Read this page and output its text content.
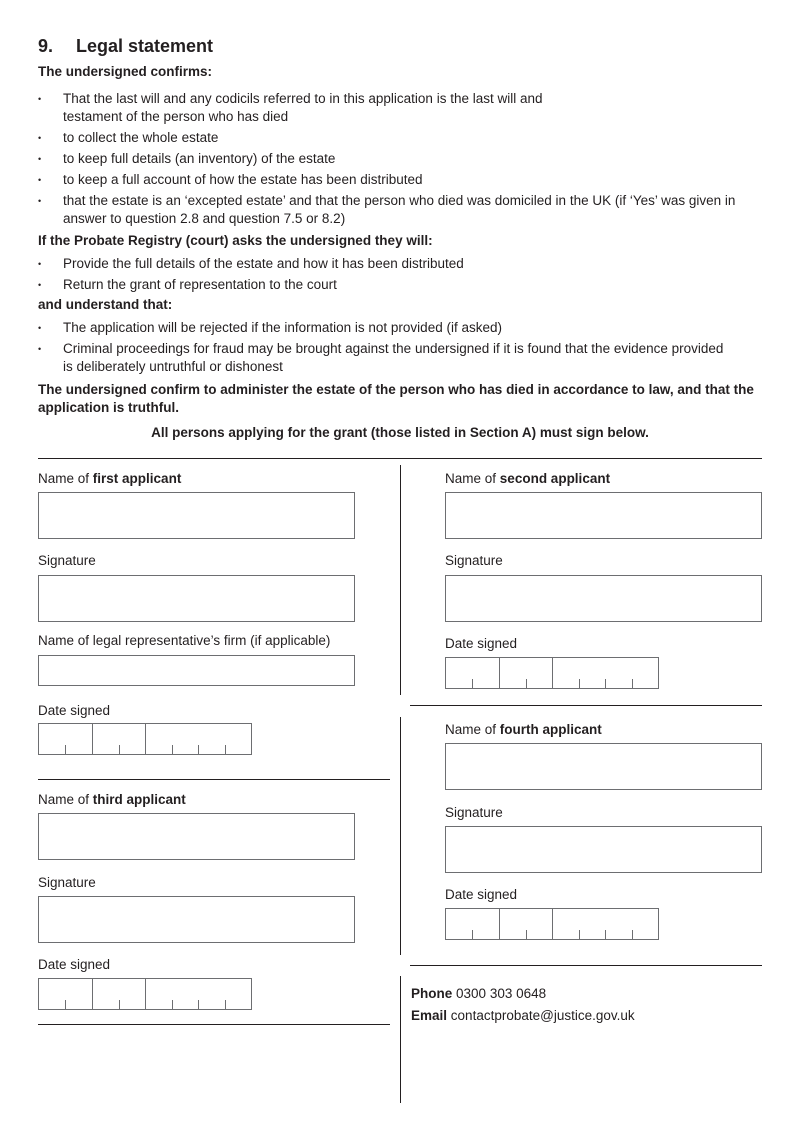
9. Legal statement
The undersigned confirms:
• That the last will and any codicils referred to in this application is the last will and
testament of the person who has died
• to collect the whole estate
• to keep full details (an inventory) of the estate
• to keep a full account of how the estate has been distributed
• that the estate is an ‘excepted estate’ and that the person who died was domiciled in the UK (if ‘Yes’ was given in
answer to question 2.8 and question 7.5 or 8.2)
If the Probate Registry (court) asks the undersigned they will:
• Provide the full details of the estate and how it has been distributed
• Return the grant of representation to the court
and understand that:
• The application will be rejected if the information is not provided (if asked)
• Criminal proceedings for fraud may be brought against the undersigned if it is found that the evidence provided
is deliberately untruthful or dishonest
The undersigned confirm to administer the estate of the person who has died in accordance to law, and that the application is truthful.
All persons applying for the grant (those listed in Section A) must sign below.
Name of first applicant
Signature
Name of legal representative’s firm (if applicable)
Date signed
Name of second applicant
Signature
Date signed
Name of third applicant
Signature
Date signed
Name of fourth applicant
Signature
Date signed
Phone 0300 303 0648
Email contactprobate@justice.gov.uk
